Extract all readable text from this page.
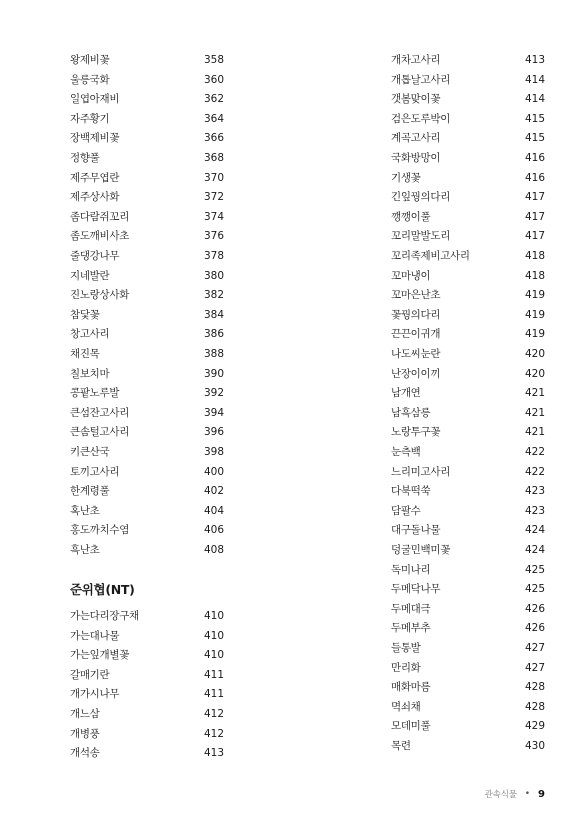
왕제비꽃	358
울릉국화	360
일엽아재비	362
자주황기	364
장백제비꽃	366
정향풀	368
제주무엽란	370
제주상사화	372
좀다람쥐꼬리	374
좀도깨비사초	376
줄댕강나무	378
지네발란	380
진노랑상사화	382
참닻꽃	384
창고사리	386
채진목	388
칠보치마	390
콩팥노루발	392
큰섬잔고사리	394
큰솜털고사리	396
키큰산국	398
토끼고사리	400
한계령풀	402
혹난초	404
홍도까치수염	406
흑난초	408
준위협(NT)
가는다리장구채	410
가는대나물	410
가는잎개별꽃	410
갈매기란	411
개가시나무	411
개느삼	412
개병풍	412
개석송	413
개차고사리	413
개톱날고사리	414
갯봄맞이꽃	414
검은도루박이	415
계곡고사리	415
국화방망이	416
기생꽃	416
긴잎꿩의다리	417
깽깽이풀	417
꼬리말발도리	417
꼬리족제비고사리	418
꼬마냉이	418
꼬마은난초	419
꽃꿩의다리	419
끈끈이귀개	419
나도씨눈란	420
난장이이끼	420
남개연	421
남흑삼릉	421
노랑투구꽃	421
눈측백	422
느리미고사리	422
다북떡쑥	423
담팔수	423
대구돌나물	424
덩굴민백미꽃	424
독미나리	425
두메닥나무	425
두메대극	426
두메부추	426
들통발	427
만리화	427
매화마름	428
멱쇠채	428
모데미풀	429
목련	430
관속식물 • 9
